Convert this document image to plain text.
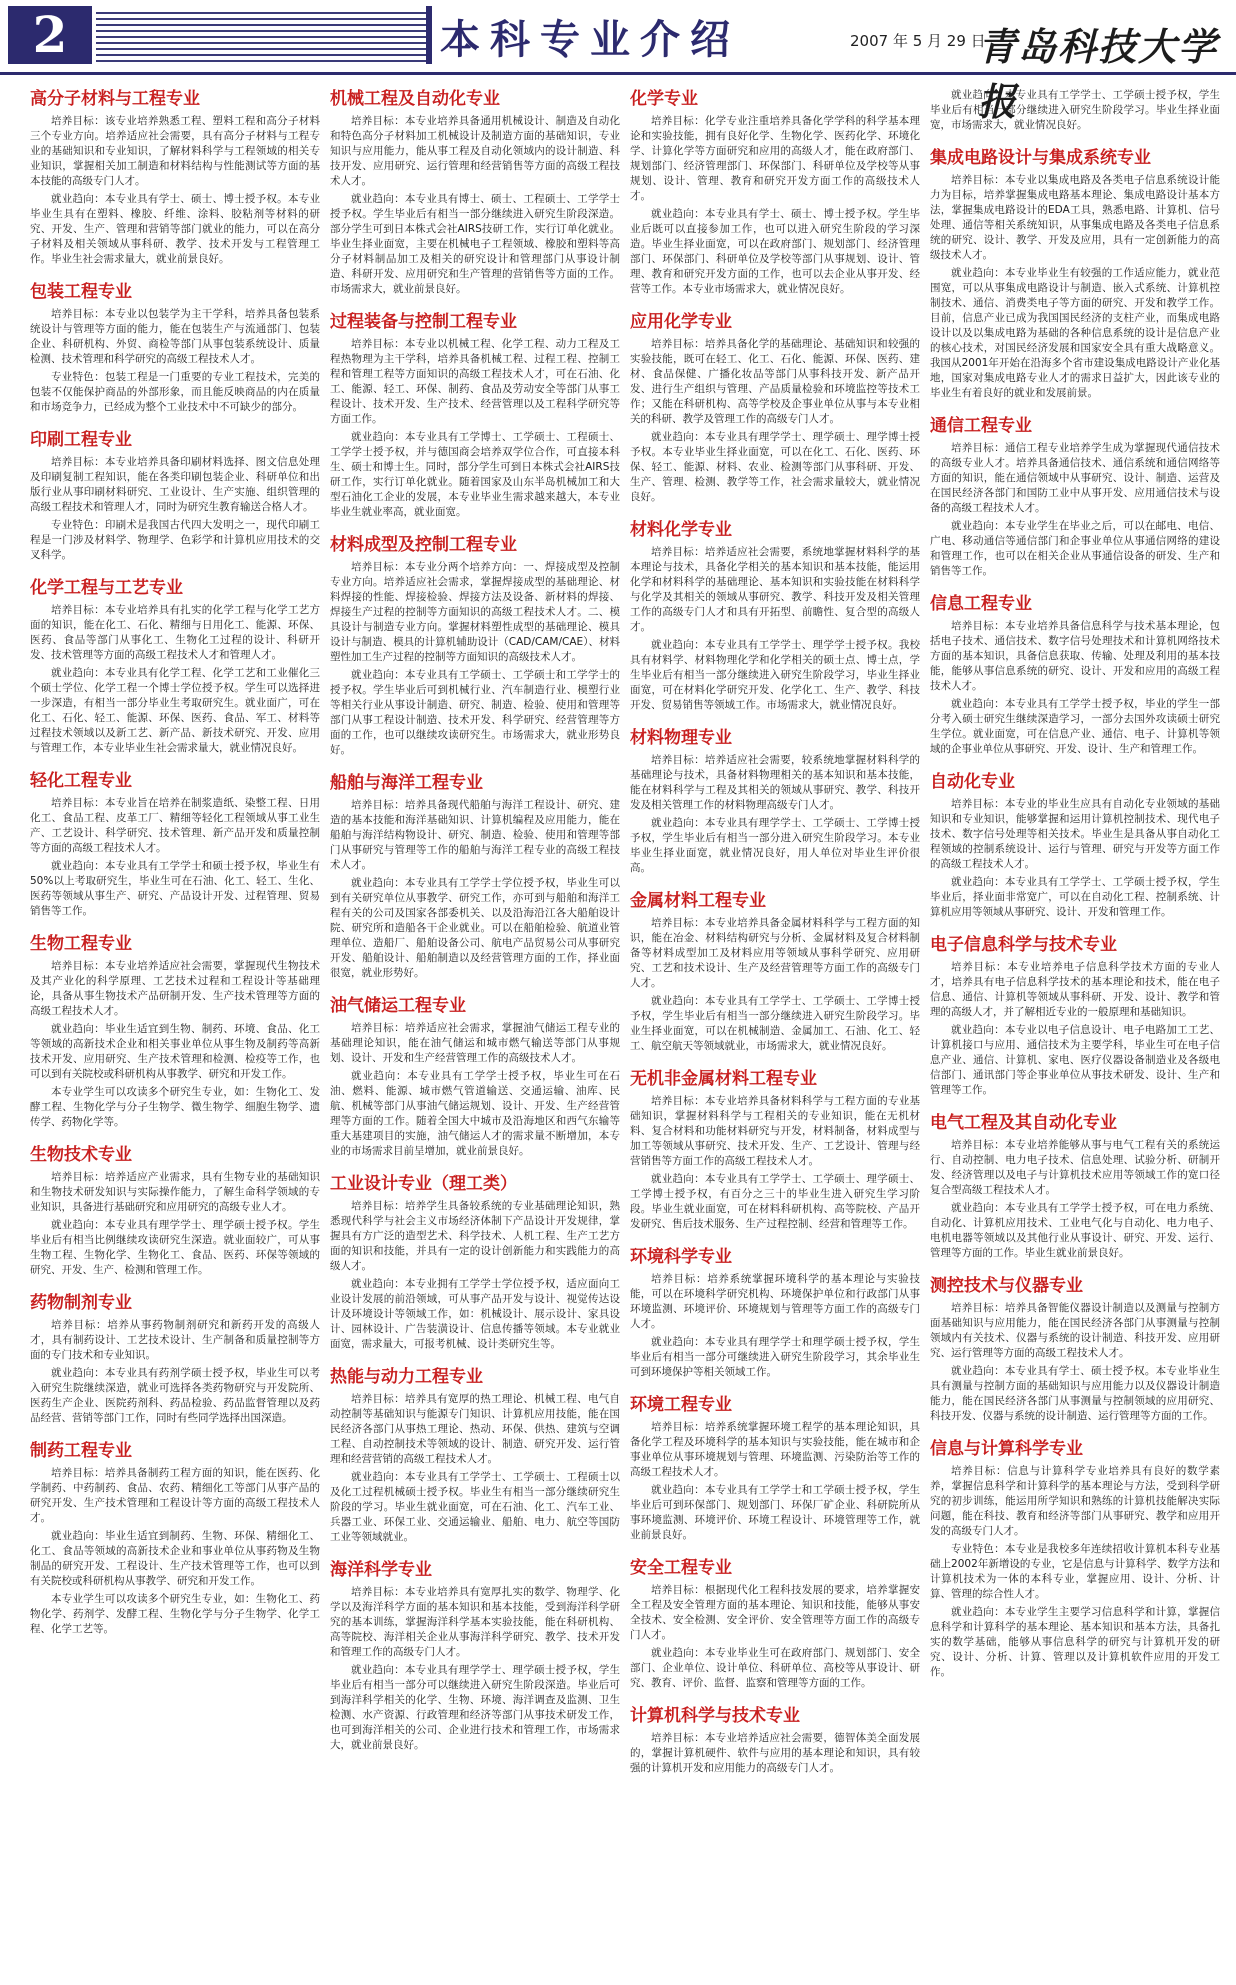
2	本科专业介绍	2007 年 5 月 29 日
青岛科技大学报
高分子材料与工程专业

培养目标：该专业培养熟悉工程、塑料工程和高分子材料三个专业方向。培养适应社会需要，具有高分子材料与工程专业的基础知识和专业知识，了解材料科学与工程领域的相关专业知识，掌握相关加工制造和材料结构与性能测试等方面的基本技能的高级专门人才。

就业趋向：本专业具有学士、硕士、博士授予权。本专业毕业生具有在塑料、橡胶、纤维、涂料、胶粘剂等材料的研究、开发、生产、管理和营销等部门就业的能力，可以在高分子材料及相关领域从事科研、教学、技术开发与工程管理工作。毕业生社会需求量大，就业前景良好。

包装工程专业

培养目标：本专业以包装学为主干学科，培养具备包装系统设计与管理等方面的能力，能在包装生产与流通部门、包装企业、科研机构、外贸、商检等部门从事包装系统设计、质量检测、技术管理和科学研究的高级工程技术人才。

专业特色：包装工程是一门重要的专业工程技术，完美的包装不仅能保护商品的外部形象，而且能反映商品的内在质量和市场竞争力，已经成为整个工业技术中不可缺少的部分。

印刷工程专业

培养目标：本专业培养具备印刷材料选择、图文信息处理及印刷复制工程知识，能在各类印刷包装企业、科研单位和出版行业从事印刷材料研究、工业设计、生产实施、组织管理的高级工程技术和管理人才，同时为研究生教育输送合格人才。

专业特色：印刷术是我国古代四大发明之一，现代印刷工程是一门涉及材料学、物理学、色彩学和计算机应用技术的交叉科学。

化学工程与工艺专业

培养目标：本专业培养具有扎实的化学工程与化学工艺方面的知识，能在化工、石化、精细与日用化工、能源、环保、医药、食品等部门从事化工、生物化工过程的设计、科研开发、技术管理等方面的高级工程技术人才和管理人才。

就业趋向：本专业具有化学工程、化学工艺和工业催化三个硕士学位、化学工程一个博士学位授予权。学生可以选择进一步深造，有相当一部分毕业生考取研究生。就业面广，可在化工、石化、轻工、能源、环保、医药、食品、军工、材料等过程技术领域以及新工艺、新产品、新技术研究、开发、应用与管理工作，本专业毕业生社会需求量大，就业情况良好。

轻化工程专业

培养目标：本专业旨在培养在制浆造纸、染整工程、日用化工、食品工程、皮革工厂、精细等轻化工程领域从事工业生产、工艺设计、科学研究、技术管理、新产品开发和质量控制等方面的高级工程技术人才。

就业趋向：本专业具有工学学士和硕士授予权，毕业生有50%以上考取研究生，毕业生可在石油、化工、轻工、生化、医药等领域从事生产、研究、产品设计开发、过程管理、贸易销售等工作。

生物工程专业

培养目标：本专业培养适应社会需要，掌握现代生物技术及其产业化的科学原理、工艺技术过程和工程设计等基础理论，具备从事生物技术产品研制开发、生产技术管理等方面的高级工程技术人才。

就业趋向：毕业生适宜到生物、制药、环境、食品、化工等领域的高新技术企业和相关事业单位从事生物及制药等高新技术开发、应用研究、生产技术管理和检测、检疫等工作，也可以到有关院校或科研机构从事教学、研究和开发工作。

本专业学生可以攻读多个研究生专业，如：生物化工、发酵工程、生物化学与分子生物学、微生物学、细胞生物学、遗传学、药物化学等。

生物技术专业

培养目标：培养适应产业需求，具有生物专业的基础知识和生物技术研发知识与实际操作能力，了解生命科学领域的专业知识，具备进行基础研究和应用研究的高级专业人才。

就业趋向：本专业具有理学学士、理学硕士授予权。学生毕业后有相当比例继续攻读研究生深造。就业面较广，可从事生物工程、生物化学、生物化工、食品、医药、环保等领域的研究、开发、生产、检测和管理工作。

药物制剂专业

培养目标：培养从事药物制剂研究和新药开发的高级人才，具有制药设计、工艺技术设计、生产制备和质量控制等方面的专门技术和专业知识。

就业趋向：本专业具有药剂学硕士授予权，毕业生可以考入研究生院继续深造，就业可选择各类药物研究与开发院所、医药生产企业、医院药剂科、药品检验、药品监督管理以及药品经营、营销等部门工作，同时有些同学选择出国深造。

制药工程专业

培养目标：培养具备制药工程方面的知识，能在医药、化学制药、中药制药、食品、农药、精细化工等部门从事产品的研究开发、生产技术管理和工程设计等方面的高级工程技术人才。

就业趋向：毕业生适宜到制药、生物、环保、精细化工、化工、食品等领域的高新技术企业和事业单位从事药物及生物制品的研究开发、工程设计、生产技术管理等工作，也可以到有关院校或科研机构从事教学、研究和开发工作。

本专业学生可以攻读多个研究生专业，如：生物化工、药物化学、药剂学、发酵工程、生物化学与分子生物学、化学工程、化学工艺等。

机械工程及自动化专业

培养目标：本专业培养具备通用机械设计、制造及自动化和特色高分子材料加工机械设计及制造方面的基础知识，专业知识与应用能力，能从事工程及自动化领域内的设计制造、科技开发、应用研究、运行管理和经营销售等方面的高级工程技术人才。

就业趋向：本专业具有博士、硕士、工程硕士、工学学士授予权。学生毕业后有相当一部分继续进入研究生阶段深造。部分学生可到日本株式会社AIRS技研工作，实行订单化就业。毕业生择业面宽，主要在机械电子工程领域、橡胶和塑料等高分子材料制品加工及相关的研究设计和管理部门从事设计制造、科研开发、应用研究和生产管理的营销售等方面的工作。市场需求大，就业前景良好。

过程装备与控制工程专业

培养目标：本专业以机械工程、化学工程、动力工程及工程热物理为主干学科，培养具备机械工程、过程工程、控制工程和管理工程等方面知识的高级工程技术人才，可在石油、化工、能源、轻工、环保、制药、食品及劳动安全等部门从事工程设计、技术开发、生产技术、经营管理以及工程科学研究等方面工作。

就业趋向：本专业具有工学博士、工学硕士、工程硕士、工学学士授予权，并与德国商会培养双学位合作，可直接本科生、硕士和博士生。同时，部分学生可到日本株式会社AIRS技研工作，实行订单化就业。随着国家及山东半岛机械加工和大型石油化工企业的发展，本专业毕业生需求越来越大，本专业毕业生就业率高，就业面宽。

材料成型及控制工程专业

培养目标：本专业分两个培养方向：一、焊接成型及控制专业方向。培养适应社会需求，掌握焊接成型的基础理论、材料焊接的性能、焊接检验、焊接方法及设备、新材料的焊接、焊接生产过程的控制等方面知识的高级工程技术人才。二、模具设计与制造专业方向。掌握材料塑性成型的基础理论、模具设计与制造、模具的计算机辅助设计（CAD/CAM/CAE）、材料塑性加工生产过程的控制等方面知识的高级技术人才。

就业趋向：本专业具有工学硕士、工学硕士和工学学士的授予权。学生毕业后可到机械行业、汽车制造行业、模塑行业等相关行业从事设计制造、研究、制造、检验、使用和管理等部门从事工程设计制造、技术开发、科学研究、经营管理等方面的工作，也可以继续攻读研究生。市场需求大，就业形势良好。

船舶与海洋工程专业

培养目标：培养具备现代船舶与海洋工程设计、研究、建造的基本技能和海洋基础知识、计算机编程及应用能力，能在船舶与海洋结构物设计、研究、制造、检验、使用和管理等部门从事研究与管理等工作的船舶与海洋工程专业的高级工程技术人才。

就业趋向：本专业具有工学学士学位授予权，毕业生可以到有关研究单位从事教学、研究工作，亦可到与船舶和海洋工程有关的公司及国家各部委机关、以及沿海沿江各大船舶设计院、研究所和造船各干企业就业。可以在船舶检验、航道业管理单位、造船厂、船舶设备公司、航电产品贸易公司从事研究开发、船舶设计、船舶制造以及经营管理方面的工作，择业面很宽，就业形势好。

油气储运工程专业

培养目标：培养适应社会需求，掌握油气储运工程专业的基础理论知识，能在油气储运和城市燃气输送等部门从事规划、设计、开发和生产经营管理工作的高级技术人才。

就业趋向：本专业具有工学学士授予权，毕业生可在石油、燃料、能源、城市燃气管道输送、交通运输、油库、民航、机械等部门从事油气储运规划、设计、开发、生产经营管理等方面的工作。随着全国大中城市及沿海地区和西气东输等重大基建项目的实施，油气储运人才的需求量不断增加，本专业的市场需求目前呈增加，就业前景良好。

工业设计专业（理工类）

培养目标：培养学生具备较系统的专业基础理论知识，熟悉现代科学与社会主义市场经济体制下产品设计开发规律，掌握具有方广泛的造型艺术、科学技术、人机工程、生产工艺方面的知识和技能，并具有一定的设计创新能力和实践能力的高级人才。

就业趋向：本专业拥有工学学士学位授予权，适应面向工业设计发展的前沿领域，可从事产品开发与设计、视觉传达设计及环境设计等领域工作，如：机械设计、展示设计、家具设计、园林设计、广告装潢设计、信息传播等领域。本专业就业面宽，需求量大，可报考机械、设计类研究生等。

热能与动力工程专业

培养目标：培养具有宽厚的热工理论、机械工程、电气自动控制等基础知识与能源专门知识、计算机应用技能，能在国民经济各部门从事热工理论、热动、环保、供热、建筑与空调工程、自动控制技术等领域的设计、制造、研究开发、运行管理和经营营销的高级工程技术人才。

就业趋向：本专业具有工学学士、工学硕士、工程硕士以及化工过程机械硕士授予权。毕业生有相当一部分继续研究生阶段的学习。毕业生就业面宽，可在石油、化工、汽车工业、兵器工业、环保工业、交通运输业、船舶、电力、航空等国防工业等领域就业。

海洋科学专业

培养目标：本专业培养具有宽厚扎实的数学、物理学、化学以及海洋科学方面的基本知识和基本技能，受到海洋科学研究的基本训练，掌握海洋科学基本实验技能，能在科研机构、高等院校、海洋相关企业从事海洋科学研究、教学、技术开发和管理工作的高级专门人才。

就业趋向：本专业具有理学学士、理学硕士授予权，学生毕业后有相当一部分可以继续进入研究生阶段深造。毕业后可到海洋科学相关的化学、生物、环境、海洋调查及监测、卫生检测、水产资源、行政管理和经济等部门从事技术研发工作，也可到海洋相关的公司、企业进行技术和管理工作，市场需求大，就业前景良好。

化学专业

培养目标：化学专业注重培养具备化学学科的科学基本理论和实验技能，拥有良好化学、生物化学、医药化学、环境化学、计算化学等方面研究和应用的高级人才，能在政府部门、规划部门、经济管理部门、环保部门、科研单位及学校等从事规划、设计、管理、教育和研究开发方面工作的高级技术人才。

就业趋向：本专业具有学士、硕士、博士授予权。学生毕业后既可以直接参加工作，也可以进入研究生阶段的学习深造。毕业生择业面宽，可以在政府部门、规划部门、经济管理部门、环保部门、科研单位及学校等部门从事规划、设计、管理、教育和研究开发方面的工作，也可以去企业从事开发、经营等工作。本专业市场需求大，就业情况良好。

应用化学专业

培养目标：培养具备化学的基础理论、基础知识和较强的实验技能，既可在轻工、化工、石化、能源、环保、医药、建材、食品保健、广播化妆品等部门从事科技开发、新产品开发、进行生产组织与管理、产品质量检验和环境监控等技术工作；又能在科研机构、高等学校及企事业单位从事与本专业相关的科研、教学及管理工作的高级专门人才。

就业趋向：本专业具有理学学士、理学硕士、理学博士授予权。本专业毕业生择业面宽，可以在化工、石化、医药、环保、轻工、能源、材料、农业、检测等部门从事科研、开发、生产、管理、检测、教学等工作，社会需求量较大，就业情况良好。

材料化学专业

培养目标：培养适应社会需要，系统地掌握材料科学的基本理论与技术，具备化学相关的基本知识和基本技能，能运用化学和材料科学的基础理论、基本知识和实验技能在材料科学与化学及其相关的领域从事研究、教学、科技开发及相关管理工作的高级专门人才和具有开拓型、前瞻性、复合型的高级人才。

就业趋向：本专业具有工学学士、理学学士授予权。我校具有材料学、材料物理化学和化学相关的硕士点、博士点，学生毕业后有相当一部分继续进入研究生阶段学习，毕业生择业面宽，可在材料化学研究开发、化学化工、生产、教学、科技开发、贸易销售等领域工作。市场需求大，就业情况良好。

材料物理专业

培养目标：培养适应社会需要，较系统地掌握材料科学的基础理论与技术，具备材料物理相关的基本知识和基本技能，能在材料科学与工程及其相关的领域从事研究、教学、科技开发及相关管理工作的材料物理高级专门人才。

就业趋向：本专业具有理学学士、工学硕士、工学博士授予权，学生毕业后有相当一部分进入研究生阶段学习。本专业毕业生择业面宽，就业情况良好，用人单位对毕业生评价很高。

金属材料工程专业

培养目标：本专业培养具备金属材料科学与工程方面的知识，能在冶金、材料结构研究与分析、金属材料及复合材料制备等材料成型加工及材料应用等领域从事科学研究、应用研究、工艺和技术设计、生产及经营管理等方面工作的高级专门人才。

就业趋向：本专业具有工学学士、工学硕士、工学博士授予权，学生毕业后有相当一部分继续进入研究生阶段学习。毕业生择业面宽，可以在机械制造、金属加工、石油、化工、轻工、航空航天等领域就业，市场需求大，就业情况良好。

无机非金属材料工程专业

培养目标：本专业培养具备材料科学与工程方面的专业基础知识，掌握材料科学与工程相关的专业知识，能在无机材料、复合材料和功能材料研究与开发，材料制备，材料成型与加工等领域从事研究、技术开发、生产、工艺设计、管理与经营销售等方面工作的高级工程技术人才。

就业趋向：本专业具有工学学士、工学硕士、理学硕士、工学博士授予权，有百分之三十的毕业生进入研究生学习阶段。毕业生就业面宽，可在材料科研机构、高等院校、产品开发研究、售后技术服务、生产过程控制、经营和管理等工作。

环境科学专业

培养目标：培养系统掌握环境科学的基本理论与实验技能，可以在环境科学研究机构、环境保护单位和行政部门从事环境监测、环境评价、环境规划与管理等方面工作的高级专门人才。

就业趋向：本专业具有理学学士和理学硕士授予权，学生毕业后有相当一部分可继续进入研究生阶段学习，其余毕业生可到环境保护等相关领域工作。

环境工程专业

培养目标：培养系统掌握环境工程学的基本理论知识，具备化学工程及环境科学的基本知识与实验技能，能在城市和企事业单位从事环境规划与管理、环境监测、污染防治等工作的高级工程技术人才。

就业趋向：本专业具有工学学士和工学硕士授予权，学生毕业后可到环保部门、规划部门、环保厂矿企业、科研院所从事环境监测、环境评价、环境工程设计、环境管理等工作，就业前景良好。

安全工程专业

培养目标：根据现代化工程科技发展的要求，培养掌握安全工程及安全管理方面的基本理论、知识和技能，能够从事安全技术、安全检测、安全评价、安全管理等方面工作的高级专门人才。

就业趋向：本专业毕业生可在政府部门、规划部门、安全部门、企业单位、设计单位、科研单位、高校等从事设计、研究、教育、评价、监督、监察和管理等方面的工作。

计算机科学与技术专业

培养目标：本专业培养适应社会需要，德智体美全面发展的，掌握计算机硬件、软件与应用的基本理论和知识，具有较强的计算机开发和应用能力的高级专门人才。

就业趋向：本专业具有工学学士、工学硕士授予权，学生毕业后有相当一部分继续进入研究生阶段学习。毕业生择业面宽，市场需求大，就业情况良好。

集成电路设计与集成系统专业

培养目标：本专业以集成电路及各类电子信息系统设计能力为目标，培养掌握集成电路基本理论、集成电路设计基本方法，掌握集成电路设计的EDA工具，熟悉电路、计算机、信号处理、通信等相关系统知识，从事集成电路及各类电子信息系统的研究、设计、教学、开发及应用，具有一定创新能力的高级技术人才。

就业趋向：本专业毕业生有较强的工作适应能力，就业范围宽，可以从事集成电路设计与制造、嵌入式系统、计算机控制技术、通信、消费类电子等方面的研究、开发和教学工作。目前，信息产业已成为我国国民经济的支柱产业，而集成电路设计以及以集成电路为基础的各种信息系统的设计是信息产业的核心技术，对国民经济发展和国家安全具有重大战略意义。我国从2001年开始在沿海多个省市建设集成电路设计产业化基地，国家对集成电路专业人才的需求日益扩大，因此该专业的毕业生有着良好的就业和发展前景。

通信工程专业

培养目标：通信工程专业培养学生成为掌握现代通信技术的高级专业人才。培养具备通信技术、通信系统和通信网络等方面的知识，能在通信领域中从事研究、设计、制造、运营及在国民经济各部门和国防工业中从事开发、应用通信技术与设备的高级工程技术人才。

就业趋向：本专业学生在毕业之后，可以在邮电、电信、广电、移动通信等通信部门和企事业单位从事通信网络的建设和管理工作，也可以在相关企业从事通信设备的研发、生产和销售等工作。

信息工程专业

培养目标：本专业培养具备信息科学与技术基本理论，包括电子技术、通信技术、数字信号处理技术和计算机网络技术方面的基本知识，具备信息获取、传输、处理及利用的基本技能，能够从事信息系统的研究、设计、开发和应用的高级工程技术人才。

就业趋向：本专业具有工学学士授予权，毕业的学生一部分考入硕士研究生继续深造学习，一部分去国外攻读硕士研究生学位。就业面宽，可在信息产业、通信、电子、计算机等领域的企事业单位从事研究、开发、设计、生产和管理工作。

自动化专业

培养目标：本专业的毕业生应具有自动化专业领域的基础知识和专业知识，能够掌握和运用计算机控制技术、现代电子技术、数字信号处理等相关技术。毕业生是具备从事自动化工程领域的控制系统设计、运行与管理、研究与开发等方面工作的高级工程技术人才。

就业趋向：本专业具有工学学士、工学硕士授予权，学生毕业后，择业面非常宽广，可以在自动化工程、控制系统、计算机应用等领域从事研究、设计、开发和管理工作。

电子信息科学与技术专业

培养目标：本专业培养电子信息科学技术方面的专业人才，培养具有电子信息科学技术的基本理论和技术，能在电子信息、通信、计算机等领域从事科研、开发、设计、教学和管理的高级人才，并了解相近专业的一般原理和基础知识。

就业趋向：本专业以电子信息设计、电子电路加工工艺、计算机接口与应用、通信技术为主要学科，毕业生可在电子信息产业、通信、计算机、家电、医疗仪器设备制造业及各级电信部门、通讯部门等企事业单位从事技术研发、设计、生产和管理等工作。

电气工程及其自动化专业

培养目标：本专业培养能够从事与电气工程有关的系统运行、自动控制、电力电子技术、信息处理、试验分析、研制开发、经济管理以及电子与计算机技术应用等领域工作的宽口径复合型高级工程技术人才。

就业趋向：本专业具有工学学士授予权，可在电力系统、自动化、计算机应用技术、工业电气化与自动化、电力电子、电机电器等领域以及其他行业从事设计、研究、开发、运行、管理等方面的工作。毕业生就业前景良好。

测控技术与仪器专业

培养目标：培养具备智能仪器设计制造以及测量与控制方面基础知识与应用能力，能在国民经济各部门从事测量与控制领域内有关技术、仪器与系统的设计制造、科技开发、应用研究、运行管理等方面的高级工程技术人才。

就业趋向：本专业具有学士、硕士授予权。本专业毕业生具有测量与控制方面的基础知识与应用能力以及仪器设计制造能力，能在国民经济各部门从事测量与控制领域的应用研究、科技开发、仪器与系统的设计制造、运行管理等方面的工作。

信息与计算科学专业

培养目标：信息与计算科学专业培养具有良好的数学素养，掌握信息科学和计算科学的基本理论与方法，受到科学研究的初步训练，能运用所学知识和熟练的计算机技能解决实际问题，能在科技、教育和经济等部门从事研究、教学和应用开发的高级专门人才。

专业特色：本专业是我校多年连续招收计算机本科专业基础上2002年新增设的专业，它是信息与计算科学、数学方法和计算机技术为一体的本科专业，掌握应用、设计、分析、计算、管理的综合性人才。

就业趋向：本专业学生主要学习信息科学和计算，掌握信息科学和计算科学的基本理论、基本知识和基本方法，具备扎实的数学基础，能够从事信息科学的研究与计算机开发的研究、设计、分析、计算、管理以及计算机软件应用的开发工作。
